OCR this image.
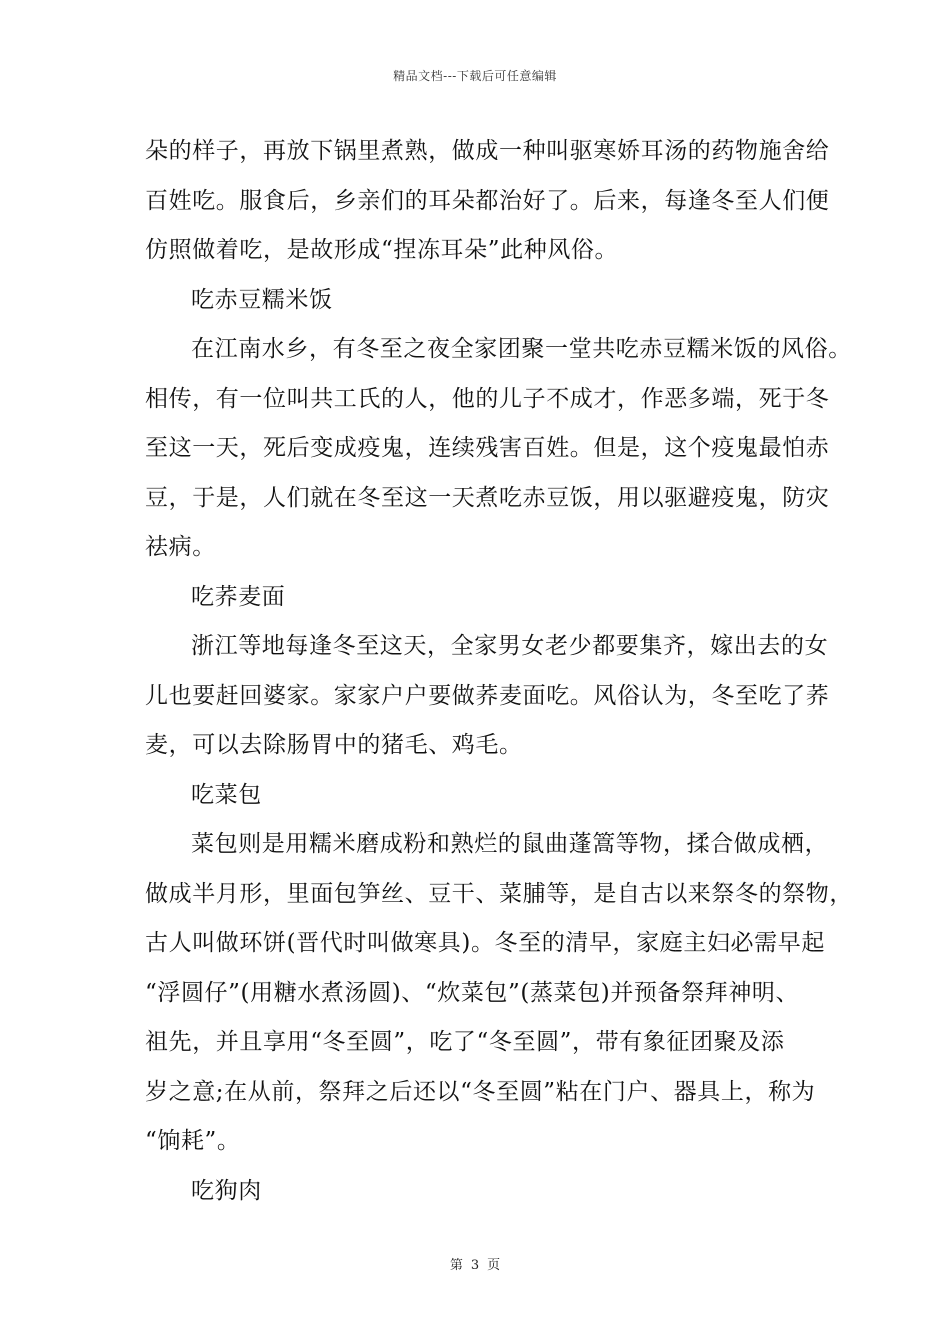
精品文档---下载后可任意编辑
朵的样子，再放下锅里煮熟，做成一种叫驱寒娇耳汤的药物施舍给
百姓吃。服食后，乡亲们的耳朵都治好了。后来，每逢冬至人们便
仿照做着吃，是故形成“捏冻耳朵”此种风俗。
吃赤豆糯米饭
在江南水乡，有冬至之夜全家团聚一堂共吃赤豆糯米饭的风俗。
相传，有一位叫共工氏的人，他的儿子不成才，作恶多端，死于冬
至这一天，死后变成疫鬼，连续残害百姓。但是，这个疫鬼最怕赤
豆，于是，人们就在冬至这一天煮吃赤豆饭，用以驱避疫鬼，防灾
祛病。
吃荞麦面
浙江等地每逢冬至这天，全家男女老少都要集齐，嫁出去的女
儿也要赶回婆家。家家户户要做荞麦面吃。风俗认为，冬至吃了荞
麦，可以去除肠胃中的猪毛、鸡毛。
吃菜包
菜包则是用糯米磨成粉和熟烂的鼠曲蓬篙等物，揉合做成栖，
做成半月形，里面包笋丝、豆干、菜脯等，是自古以来祭冬的祭物，
古人叫做环饼(晋代时叫做寒具)。冬至的清早，家庭主妇必需早起
“浮圆仔”(用糖水煮汤圆)、“炊菜包”(蒸菜包)并预备祭拜神明、
祖先，并且享用“冬至圆”，吃了“冬至圆”，带有象征团聚及添
岁之意;在从前，祭拜之后还以“冬至圆”粘在门户、器具上，称为
“饷耗”。
吃狗肉
第 3 页
